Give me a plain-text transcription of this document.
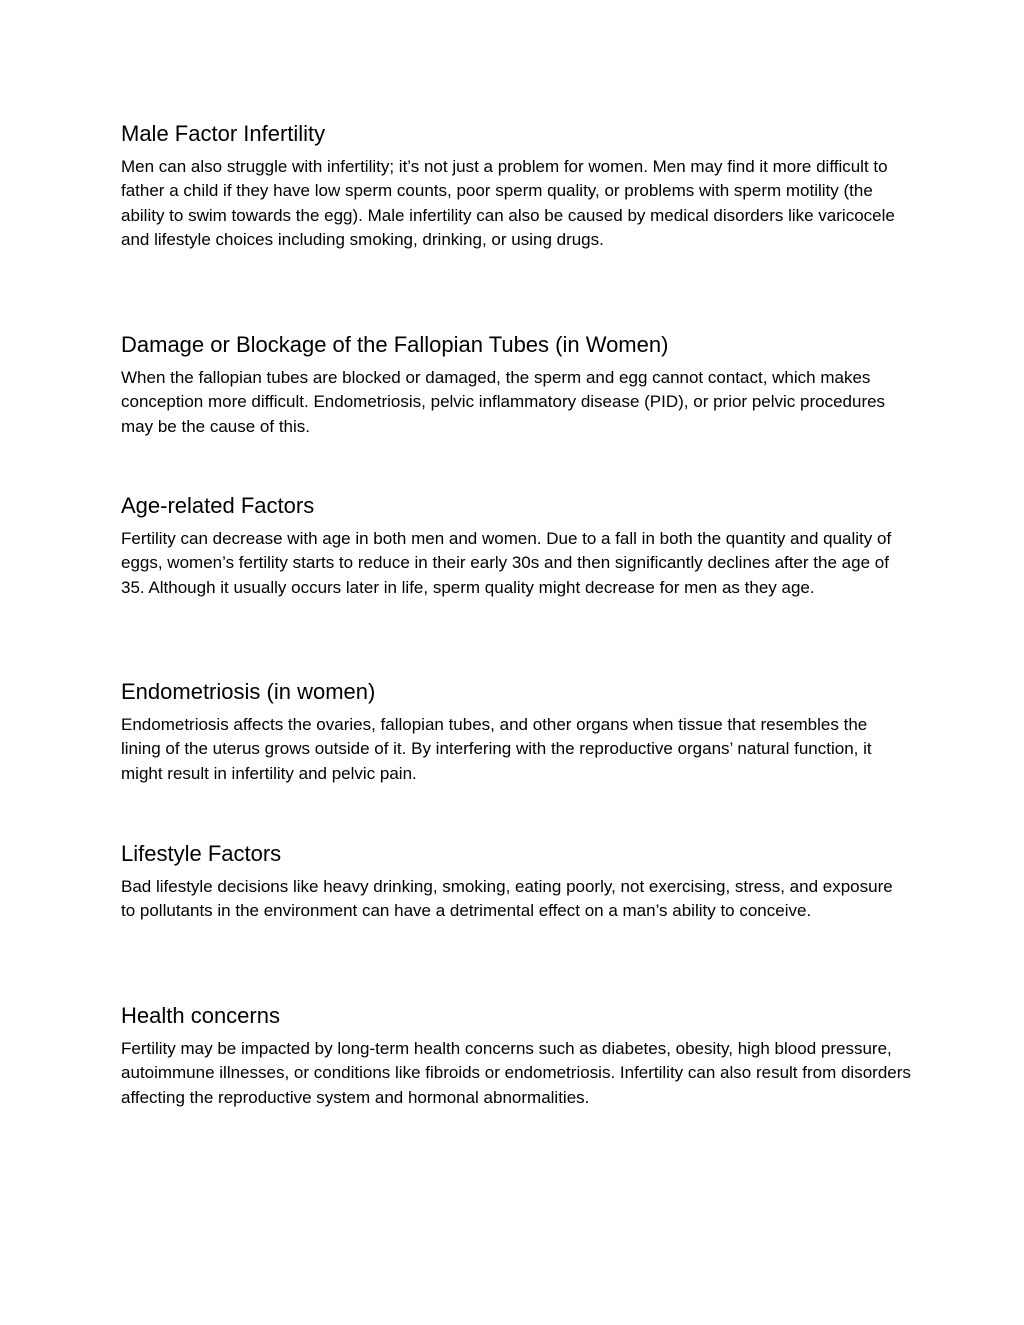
Male Factor Infertility

Men can also struggle with infertility; it’s not just a problem for women. Men may find it more difficult to father a child if they have low sperm counts, poor sperm quality, or problems with sperm motility (the ability to swim towards the egg). Male infertility can also be caused by medical disorders like varicocele and lifestyle choices including smoking, drinking, or using drugs.

Damage or Blockage of the Fallopian Tubes (in Women)

When the fallopian tubes are blocked or damaged, the sperm and egg cannot contact, which makes conception more difficult. Endometriosis, pelvic inflammatory disease (PID), or prior pelvic procedures may be the cause of this.

Age-related Factors

Fertility can decrease with age in both men and women. Due to a fall in both the quantity and quality of eggs, women’s fertility starts to reduce in their early 30s and then significantly declines after the age of 35. Although it usually occurs later in life, sperm quality might decrease for men as they age.

Endometriosis (in women)

Endometriosis affects the ovaries, fallopian tubes, and other organs when tissue that resembles the lining of the uterus grows outside of it. By interfering with the reproductive organs’ natural function, it might result in infertility and pelvic pain.

Lifestyle Factors

Bad lifestyle decisions like heavy drinking, smoking, eating poorly, not exercising, stress, and exposure to pollutants in the environment can have a detrimental effect on a man’s ability to conceive.

Health concerns

Fertility may be impacted by long-term health concerns such as diabetes, obesity, high blood pressure, autoimmune illnesses, or conditions like fibroids or endometriosis. Infertility can also result from disorders affecting the reproductive system and hormonal abnormalities.
